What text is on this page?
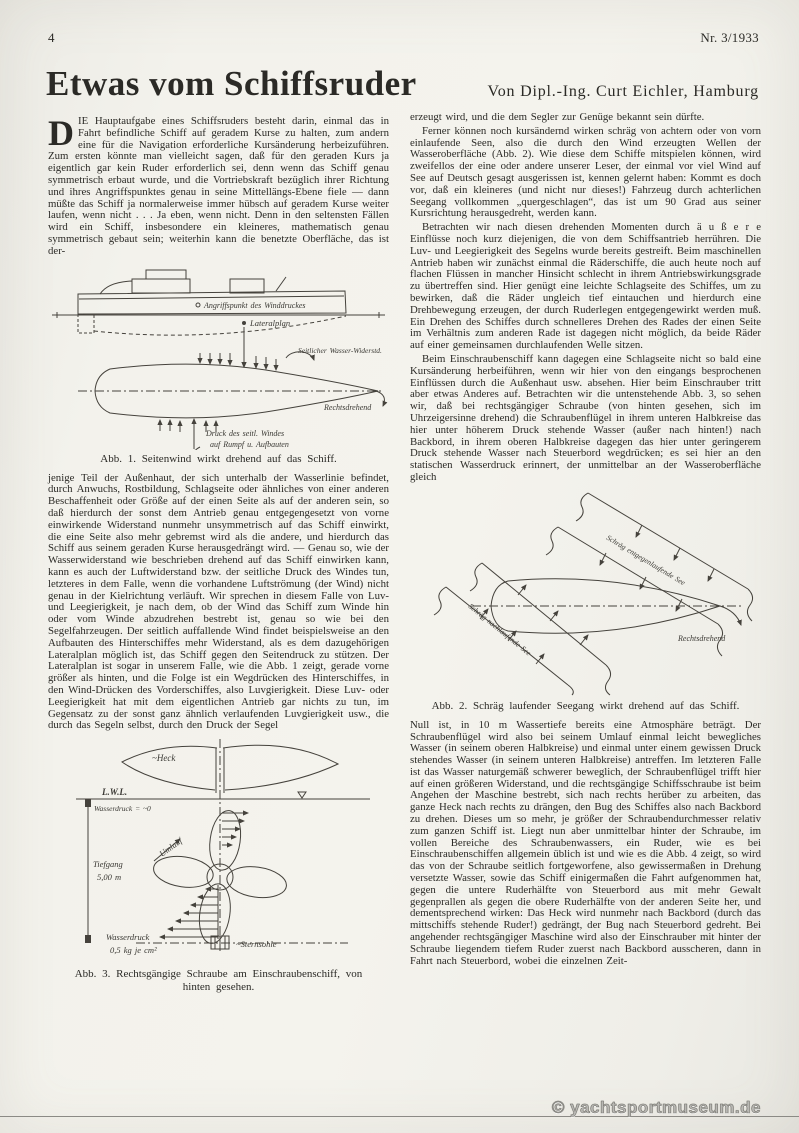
4	Nr. 3/1933
Etwas vom Schiffsruder	Von Dipl.-Ing. Curt Eichler, Hamburg

DIE Hauptaufgabe eines Schiffsruders besteht darin, einmal das in Fahrt befindliche Schiff auf geradem Kurse zu halten, zum andern eine für die Navigation erforderliche Kursänderung herbeizuführen. Zum ersten könnte man vielleicht sagen, daß für den geraden Kurs ja eigentlich gar kein Ruder erforderlich sei, denn wenn das Schiff genau symmetrisch erbaut wurde, und die Vortriebskraft bezüglich ihrer Richtung und ihres Angriffspunktes genau in seine Mittellängs-Ebene fiele — dann müßte das Schiff ja normalerweise immer hübsch auf geradem Kurse weiter laufen, wenn nicht . . . Ja eben, wenn nicht. Denn in den seltensten Fällen wird ein Schiff, insbesondere ein kleineres, mathematisch genau symmetrisch gebaut sein; weiterhin kann die benetzte Oberfläche, das ist der-

Angriffspunkt des Winddruckes
Lateralplan
Seitlicher Wasser-Widerstd.
Druck des seitl. Windes
auf Rumpf u. Aufbauten
Rechtsdrehend
Abb. 1. Seitenwind wirkt drehend auf das Schiff.

jenige Teil der Außenhaut, der sich unterhalb der Wasserlinie befindet, durch Anwuchs, Rostbildung, Schlagseite oder ähnliches von einer anderen Beschaffenheit oder Größe auf der einen Seite als auf der anderen sein, so daß hierdurch der sonst dem Antrieb genau entgegengesetzt von vorne einwirkende Widerstand nunmehr unsymmetrisch auf das Schiff einwirkt, die eine Seite also mehr gebremst wird als die andere, und hierdurch das Schiff aus seinem geraden Kurse herausgedrängt wird. — Genau so, wie der Wasserwiderstand wie beschrieben drehend auf das Schiff einwirken kann, kann es auch der Luftwiderstand bzw. der seitliche Druck des Windes tun, letzteres in dem Falle, wenn die vorhandene Luftströmung (der Wind) nicht genau in der Kielrichtung verläuft. Wir sprechen in diesem Falle von Luv- und Leegierigkeit, je nach dem, ob der Wind das Schiff zum Winde hin oder vom Winde abzudrehen bestrebt ist, genau so wie bei den Segelfahrzeugen. Der seitlich auffallende Wind findet beispielsweise an den Aufbauten des Hinterschiffes mehr Widerstand, als es dem dazugehörigen Lateralplan möglich ist, das Schiff gegen den Seitendruck zu stützen. Der Lateralplan ist sogar in unserem Falle, wie die Abb. 1 zeigt, gerade vorne größer als hinten, und die Folge ist ein Wegdrücken des Hinterschiffes, in den Wind-Drücken des Vorderschiffes, also Luvgierigkeit. Diese Luv- oder Leegierigkeit hat mit dem eigentlichen Antrieb gar nichts zu tun, im Gegensatz zu der sonst ganz ähnlich verlaufenden Luvgierigkeit usw., die durch das Segeln selbst, durch den Druck der Segel

~Heck
L.W.L.
Wasserdruck = ~0
Tiefgang
5,00 m
Umlauf
Wasserdruck
0,5 kg je cm²
~Sternsohle
Abb. 3. Rechtsgängige Schraube am Einschraubenschiff, von
hinten gesehen.

erzeugt wird, und die dem Segler zur Genüge bekannt sein dürfte.

Ferner können noch kursändernd wirken schräg von achtern oder von vorn einlaufende Seen, also die durch den Wind erzeugten Wellen der Wasseroberfläche (Abb. 2). Wie diese dem Schiffe mitspielen können, wird zweifellos der eine oder andere unserer Leser, der einmal vor viel Wind auf See auf Deutsch gesagt ausgerissen ist, kennen gelernt haben: Kommt es doch vor, daß ein kleineres (und nicht nur dieses!) Fahrzeug durch achterlichen Seegang vollkommen „quergeschlagen“, das ist um 90 Grad aus seiner Kursrichtung herausgedreht, werden kann.

Betrachten wir nach diesen drehenden Momenten durch ä u ß e r e Einflüsse noch kurz diejenigen, die von dem Schiffsantrieb herrühren. Die Luv- und Leegierigkeit des Segelns wurde bereits gestreift. Beim maschinellen Antrieb haben wir zunächst einmal die Räderschiffe, die auch heute noch auf flachen Flüssen in mancher Hinsicht schlecht in ihrem Antriebswirkungsgrade zu übertreffen sind. Hier genügt eine leichte Schlagseite des Schiffes, um zu bewirken, daß die Räder ungleich tief eintauchen und hierdurch eine Drehbewegung erzeugen, der durch Ruderlegen entgegengewirkt werden muß. Ein Drehen des Schiffes durch schnelleres Drehen des Rades der einen Seite im Verhältnis zum anderen Rade ist dagegen nicht möglich, da beide Räder auf einer gemeinsamen durchlaufenden Welle sitzen.

Beim Einschraubenschiff kann dagegen eine Schlagseite nicht so bald eine Kursänderung herbeiführen, wenn wir hier von den eingangs besprochenen Einflüssen durch die Außenhaut usw. absehen. Hier beim Einschrauber tritt aber etwas Anderes auf. Betrachten wir die untenstehende Abb. 3, so sehen wir, daß bei rechtsgängiger Schraube (von hinten gesehen, sich im Uhrzeigersinne drehend) die Schraubenflügel in ihrem unteren Halbkreise das hier unter höherem Druck stehende Wasser (außer nach hinten!) nach Backbord, in ihrem oberen Halbkreise dagegen das hier unter geringerem Druck stehende Wasser nach Steuerbord wegdrücken; es sei hier an den statischen Wasserdruck erinnert, der unmittelbar an der Wasseroberfläche gleich

Schräg entgegenlaufende See
Schräg nachlaufende See	Rechtsdrehend
Abb. 2. Schräg laufender Seegang wirkt drehend auf das Schiff.

Null ist, in 10 m Wassertiefe bereits eine Atmosphäre beträgt. Der Schraubenflügel wird also bei seinem Umlauf einmal leicht bewegliches Wasser (in seinem oberen Halbkreise) und einmal unter einem gewissen Druck stehendes Wasser (in seinem unteren Halbkreise) antreffen. Im letzteren Falle ist das Wasser naturgemäß schwerer beweglich, der Schraubenflügel trifft hier auf einen größeren Widerstand, und die rechtsgängige Schiffsschraube ist beim Angehen der Maschine bestrebt, sich nach rechts herüber zu arbeiten, das ganze Heck nach rechts zu drängen, den Bug des Schiffes also nach Backbord zu drehen. Dieses um so mehr, je größer der Schraubendurchmesser relativ zum ganzen Schiff ist. Liegt nun aber unmittelbar hinter der Schraube, im vollen Bereiche des Schraubenwassers, ein Ruder, wie es bei Einschraubenschiffen allgemein üblich ist und wie es die Abb. 4 zeigt, so wird das von der Schraube seitlich fortgeworfene, also gewissermaßen in Drehung versetzte Wasser, sowie das Schiff einigermaßen die Fahrt aufgenommen hat, gegen die untere Ruderhälfte von Steuerbord aus mit mehr Gewalt gegenprallen als gegen die obere Ruderhälfte von der anderen Seite her, und dementsprechend wirken: Das Heck wird nunmehr nach Backbord (durch das mittschiffs stehende Ruder!) gedrängt, der Bug nach Steuerbord gedreht. Bei angehender rechtsgängiger Maschine wird also der Einschrauber mit hinter der Schraube liegendem tiefem Ruder zuerst nach Backbord ausscheren, dann in Fahrt nach Steuerbord, wobei die einzelnen Zeit-

© yachtsportmuseum.de
